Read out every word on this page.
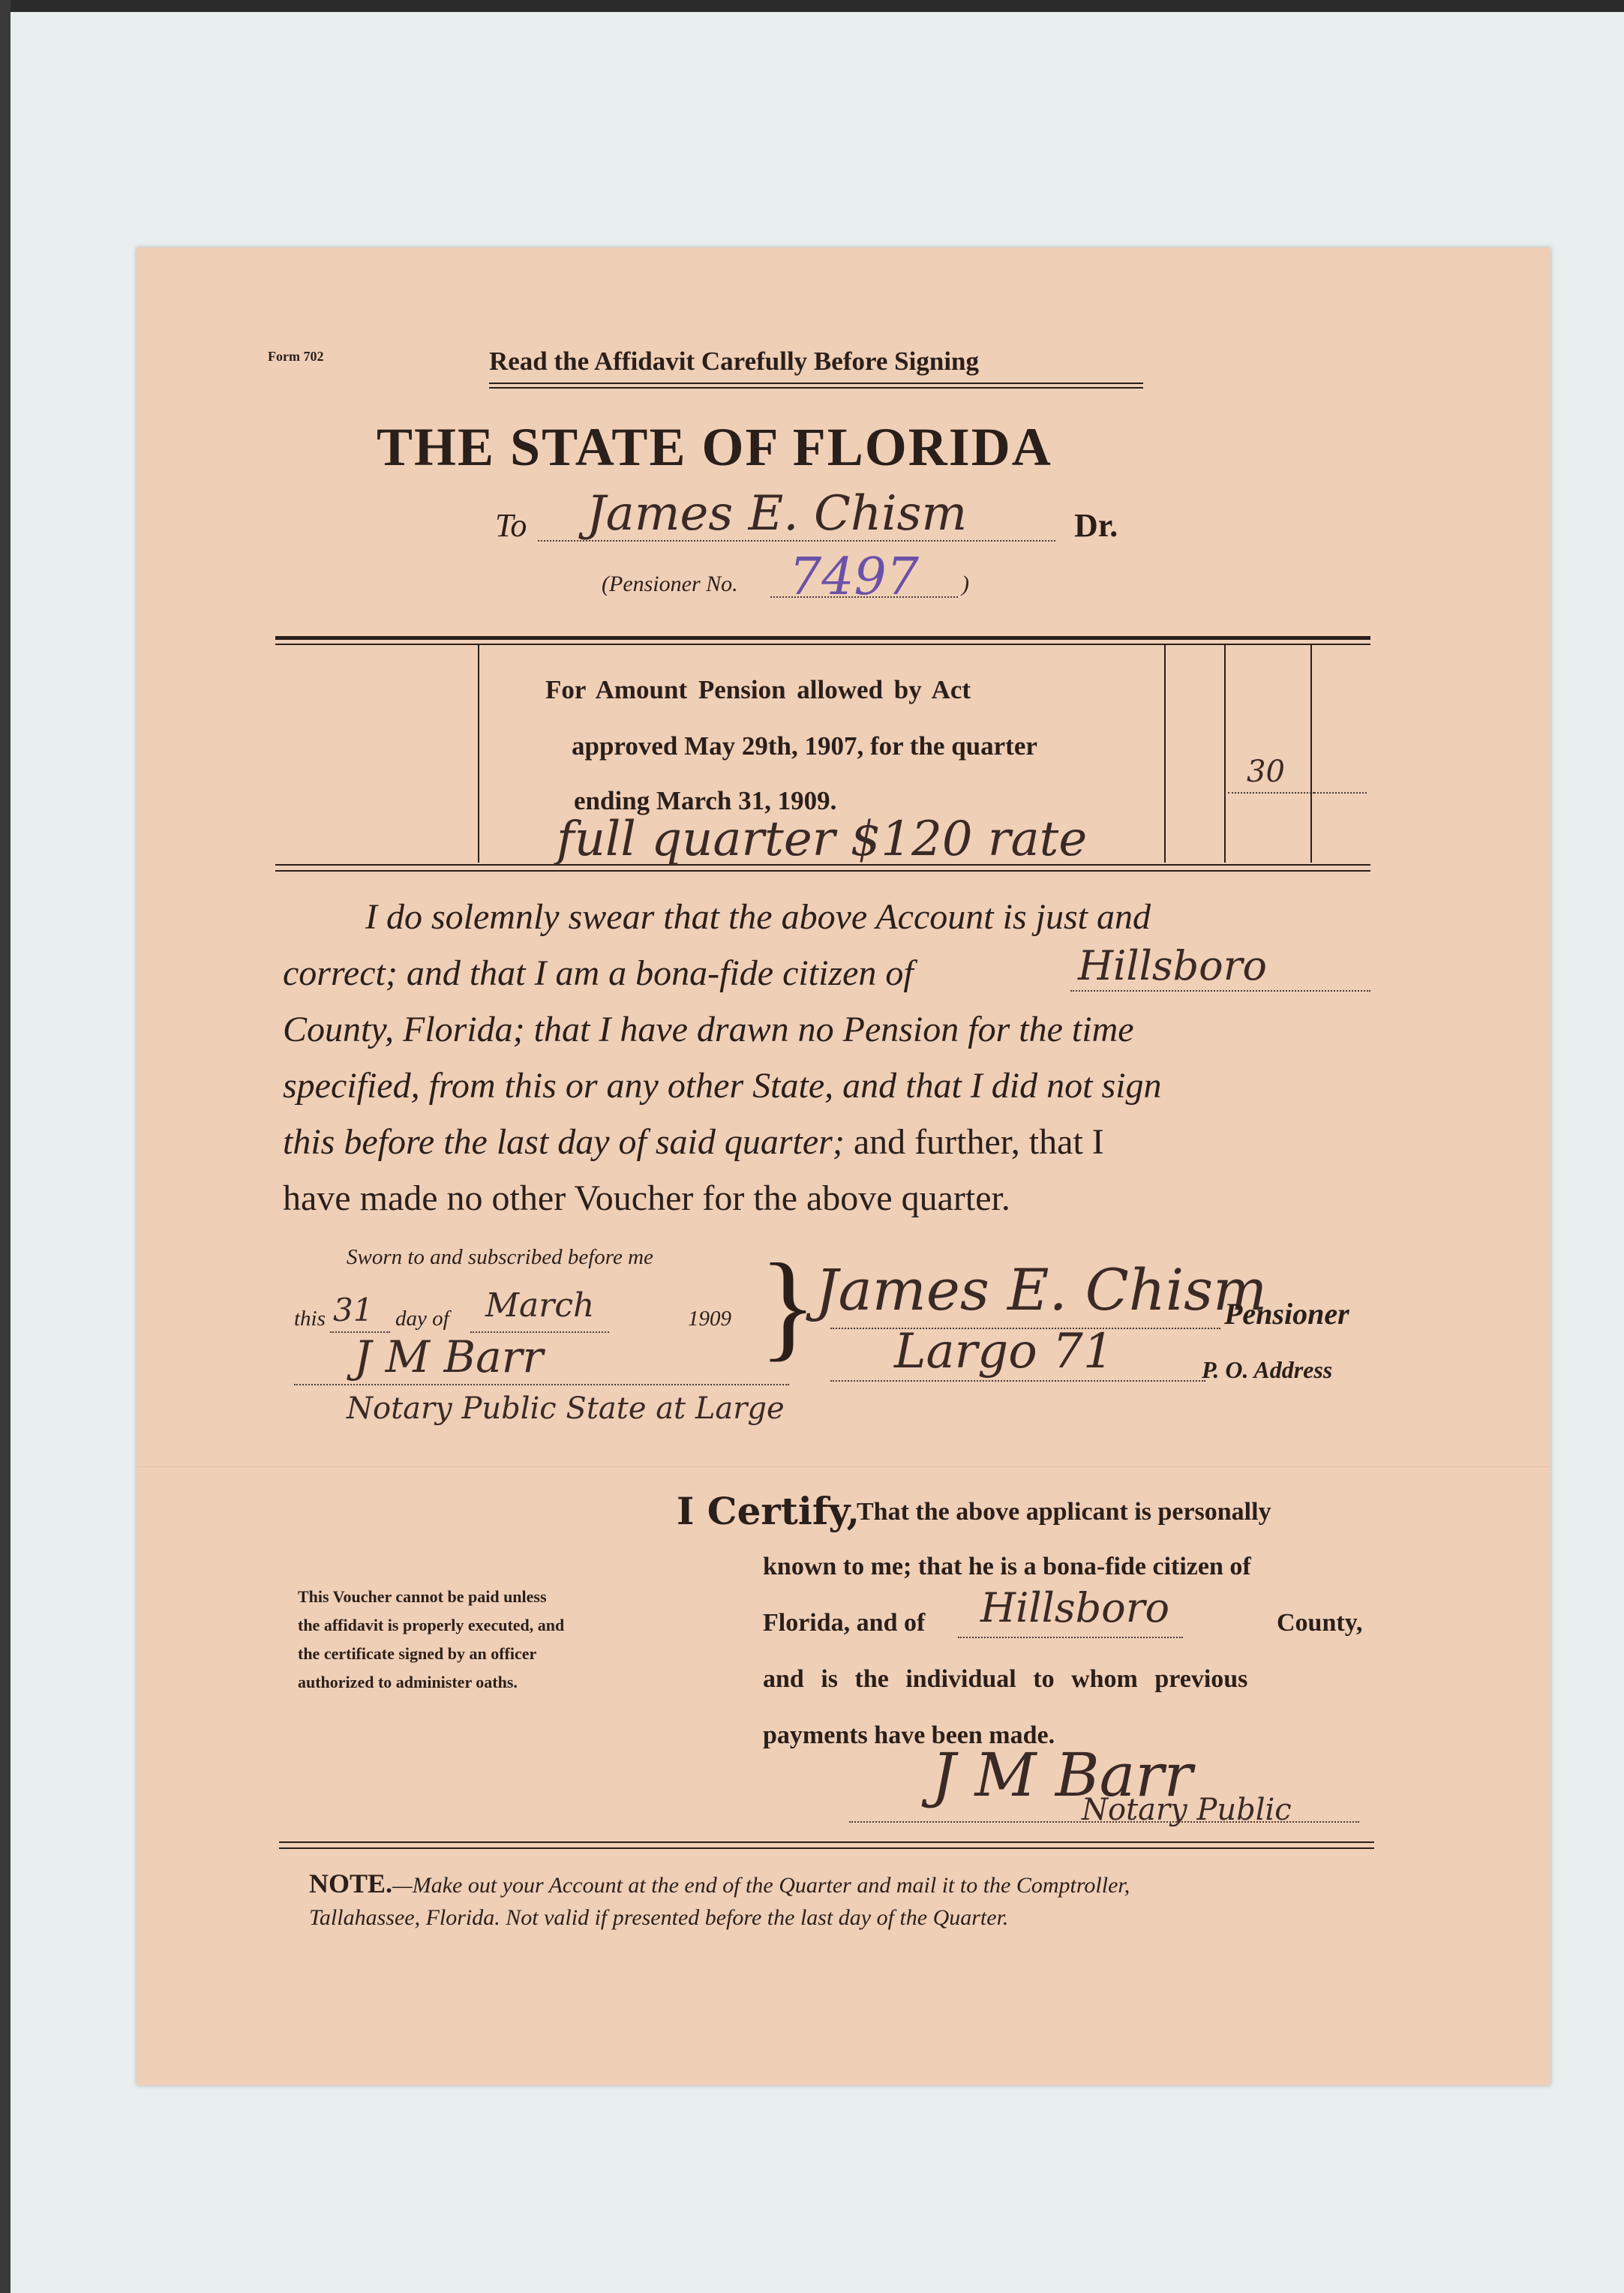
Form 702	Read the Affidavit Carefully Before Signing

THE STATE OF FLORIDA

To James E. Chism	Dr.

(Pensioner No. 7497 )

For Amount Pension allowed by Act

approved May 29th, 1907, for the quarter

ending March 31, 1909.

full quarter $120 rate

30

I do solemnly swear that the above Account is just and
correct; and that I am a bona-fide citizen of	Hillsboro
County, Florida; that I have drawn no Pension for the time
specified, from this or any other State, and that I did not sign
this before the last day of said quarter; and further, that I
have made no other Voucher for the above quarter.

Sworn to and subscribed before me

this 31 day of March	1909

J M Barr

Notary Public State at Large

}

James E. Chism

Pensioner

Largo 71	P. O. Address

This Voucher cannot be paid unless
the affidavit is properly executed, and
the certificate signed by an officer
authorized to administer oaths.

I Certify,

That the above applicant is personally

known to me; that he is a bona-fide citizen of

Florida, and of Hillsboro	County,

and is the individual to whom previous

payments have been made.

J M Barr

Notary Public

NOTE.—Make out your Account at the end of the Quarter and mail it to the Comptroller,

Tallahassee, Florida. Not valid if presented before the last day of the Quarter.
